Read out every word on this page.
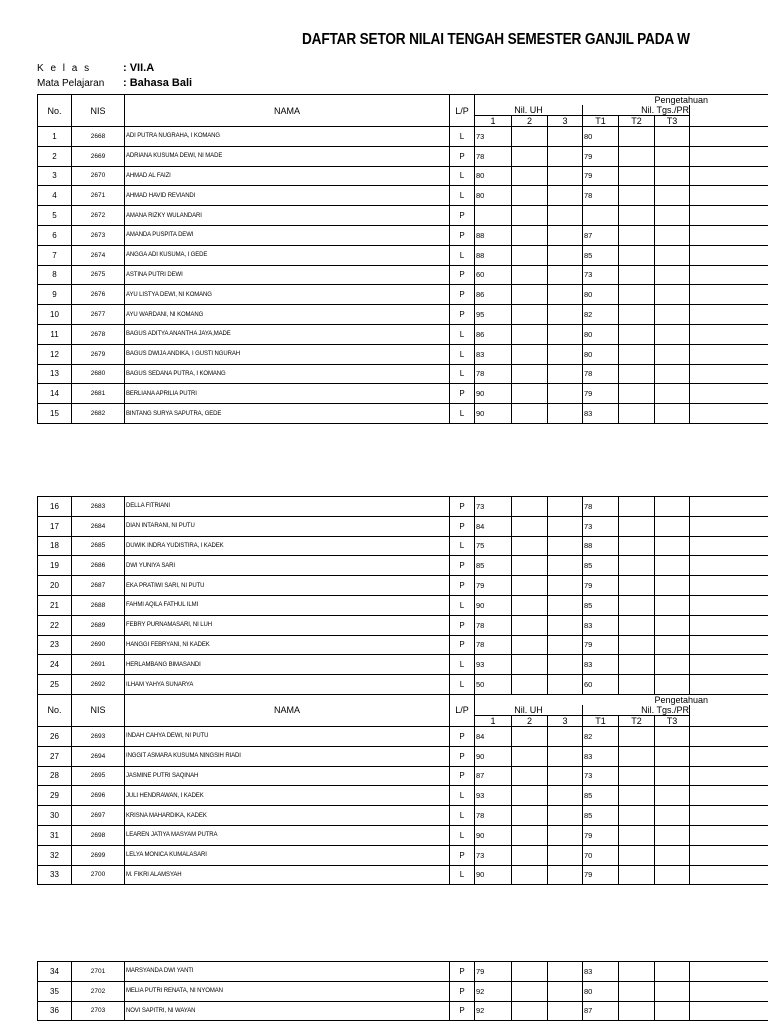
DAFTAR SETOR NILAI TENGAH SEMESTER GANJIL PADA W
K e l a s	: VII.A
Mata Pelajaran : Bahasa Bali
No.	NIS	NAMA	L/P	Pengetahuan						
				Nil. UH			Nil. Tgs./PR			
				1	2	3	T1	T2	T3	
1	2668	ADI PUTRA NUGRAHA, I KOMANG	L	73			80			
2	2669	ADRIANA KUSUMA DEWI, NI MADE	P	78			79			
3	2670	AHMAD AL FAIZI	L	80			79			
4	2671	AHMAD HAVID REVIANDI	L	80			78			
5	2672	AMANA RIZKY WULANDARI	P							
6	2673	AMANDA PUSPITA DEWI	P	88			87			
7	2674	ANGGA ADI KUSUMA, I GEDE	L	88			85			
8	2675	ASTINA PUTRI DEWI	P	60			73			
9	2676	AYU LISTYA DEWI, NI KOMANG	P	86			80			
10	2677	AYU WARDANI, NI KOMANG	P	95			82			
11	2678	BAGUS ADITYA ANANTHA JAYA,MADE	L	86			80			
12	2679	BAGUS DWIJA ANDIKA, I GUSTI NGURAH	L	83			80			
13	2680	BAGUS SEDANA PUTRA, I KOMANG	L	78			78			
14	2681	BERLIANA APRILIA PUTRI	P	90			79			
15	2682	BINTANG SURYA SAPUTRA, GEDE	L	90			83			
16	2683	DELLA FITRIANI	P	73			78			
17	2684	DIAN INTARANI, NI PUTU	P	84			73			
18	2685	DUWIK INDRA YUDISTIRA, I KADEK	L	75			88			
19	2686	DWI YUNIYA SARI	P	85			85			
20	2687	EKA PRATIWI SARI, NI PUTU	P	79			79			
21	2688	FAHMI AQILA FATHUL ILMI	L	90			85			
22	2689	FEBRY PURNAMASARI, NI LUH	P	78			83			
23	2690	HANGGI FEBRYANI, NI KADEK	P	78			79			
24	2691	HERLAMBANG BIMASANDI	L	93			83			
25	2692	ILHAM YAHYA SUNARYA	L	50			60			
No.	NIS	NAMA	L/P	Pengetahuan						
				Nil. UH			Nil. Tgs./PR			
				1	2	3	T1	T2	T3	
26	2693	INDAH CAHYA DEWI, NI PUTU	P	84			82			
27	2694	INGGIT ASMARA KUSUMA NINGSIH RIADI	P	90			83			
28	2695	JASMINE PUTRI SAQINAH	P	87			73			
29	2696	JULI HENDRAWAN, I KADEK	L	93			85			
30	2697	KRISNA MAHARDIKA, KADEK	L	78			85			
31	2698	LEAREN JATIYA MASYAM PUTRA	L	90			79			
32	2699	LELYA MONICA KUMALASARI	P	73			70			
33	2700	M. FIKRI ALAMSYAH	L	90			79			
34	2701	MARSYANDA DWI YANTI	P	79			83			
35	2702	MELIA PUTRI RENATA, NI NYOMAN	P	92			80			
36	2703	NOVI SAPITRI, NI WAYAN	P	92			87			
